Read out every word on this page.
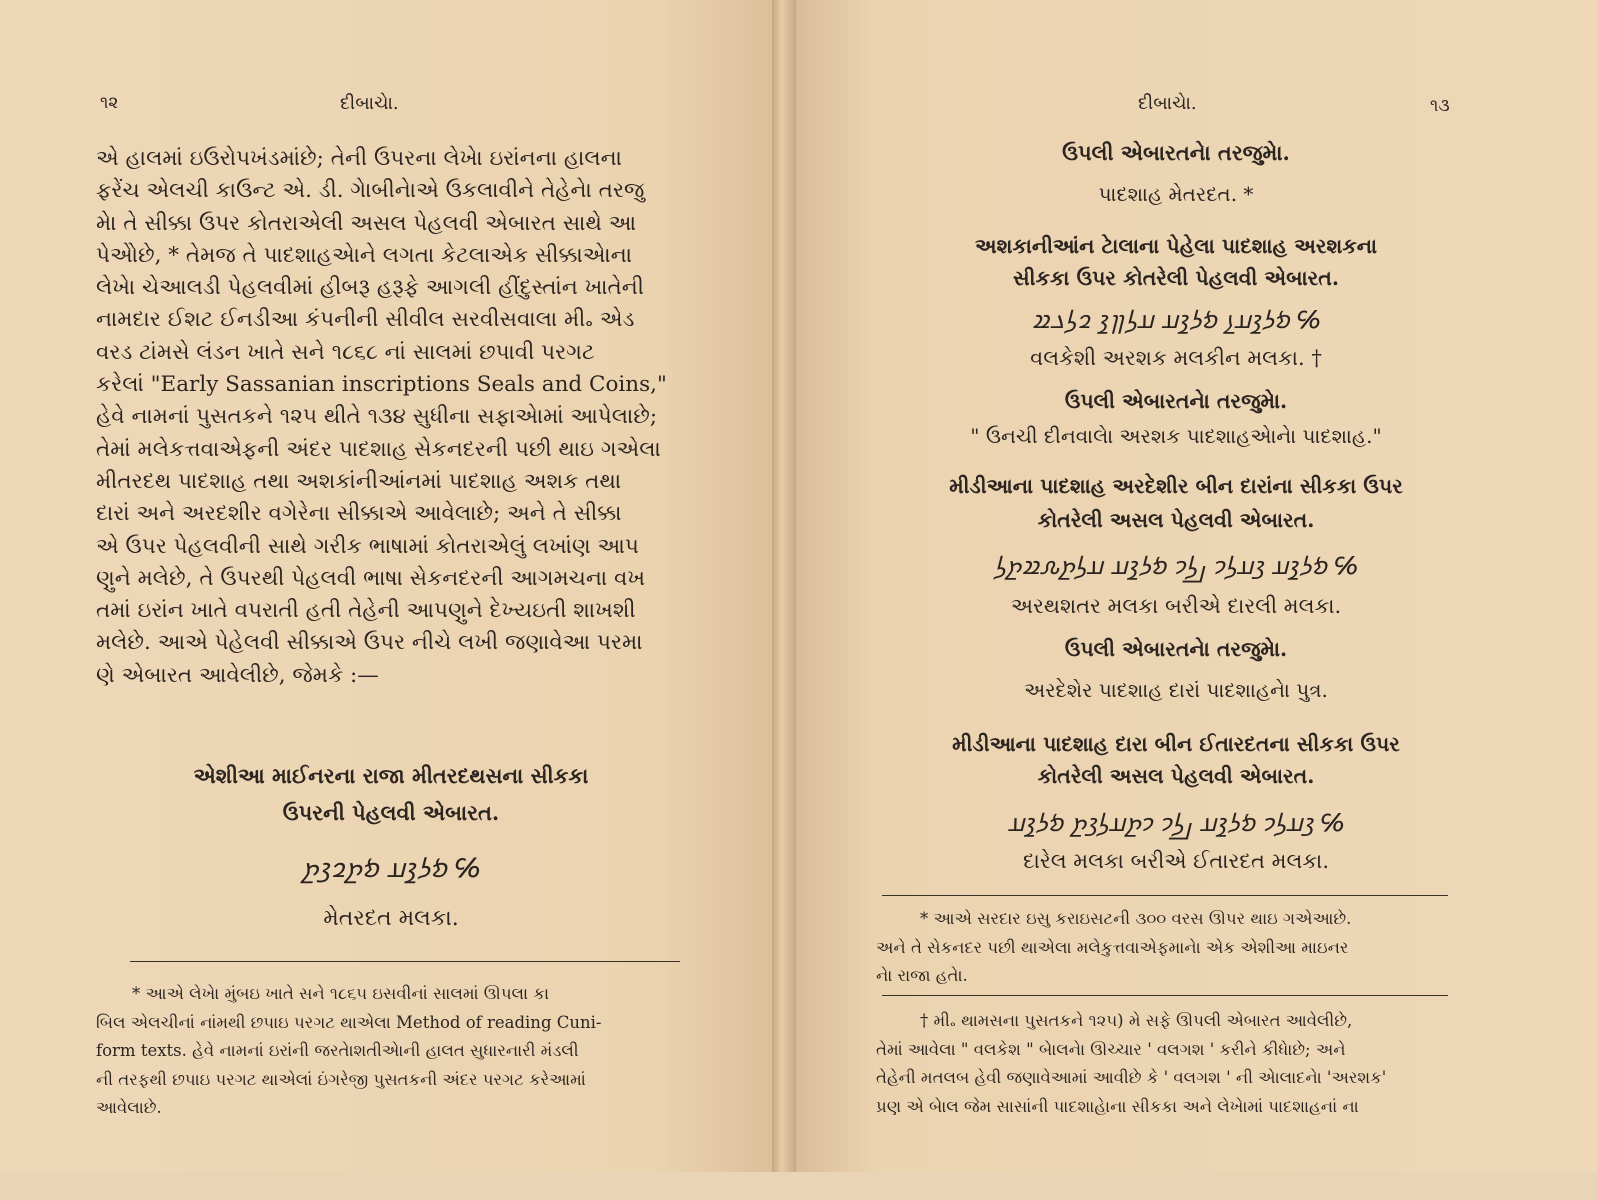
૧૨	દીબાચેા.
એ હાલમાં ઇઉરોપખંડમાંછે; તેની ઉપરના લેખેા ઇરાંનના હાલના
ફરેંચ એલચી કાઉન્ટ એ. ડી. ગેાબીનેાએ ઉકલાવીને તેહેનેા તરજુ
મેા તે સીક્કા ઉપર કોતરાએલી અસલ પેહલવી એબારત સાથે આ
પેએોછે, * તેમજ તે પાદશાહએાને લગતા કેટલાએક સીક્કાએાના
લેખેા ચેઆલડી પેહલવીમાં હીબરૂ હરૂફે આગલી હીંદુસ્તાંન ખાતેની
નામદાર ઈશટ ઈનડીઆ કંપનીની સીવીલ સરવીસવાલા મી૰ એડ
વરડ ટાંમસે લંડન ખાતે સને ૧૮૬૮ નાં સાલમાં છપાવી પરગટ
કરેલાં "Early Sassanian inscriptions Seals and Coins,"
હેવે નામનાં પુસતકને ૧૨૫ થીતે ૧૩૪ સુધીના સફાએામાં આપેલાછે;
તેમાં મલેકત્તવાએફની અંદર પાદશાહ સેકનદરની પછી થાઇ ગએલા
મીતરદથ પાદશાહ તથા અશકાંનીઆંનમાં પાદશાહ અશક તથા
દારાં અને અરદશીર વગેરેના સીક્કાએ આવેલાછે; અને તે સીક્કા
એ ઉપર પેહલવીની સાથે ગરીક ભાષામાં કોતરાએલું લખાંણ આપ
ણુને મલેછે, તે ઉપરથી પેહલવી ભાષા સેકનદરની આગમચના વખ
તમાં ઇરાંન ખાતે વપરાતી હતી તેહેની આપણુને દેખ્યઇતી શાખશી
મલેછે. આએ પેહેલવી સીક્કાએ ઉપર નીચે લખી જણાવેઆ પરમા
ણે એબારત આવેલીછે, જેમકે :—
એશીઆ માઈનરના રાજા મીતરદથસના સીકકા
ઉપરની પેહલવી એબારત.
𐭬𐭫𐭪𐭠 𐭬𐭲𐭥𐭣𐭲 ℅
મેતરદત મલકા.
* આએ લેખેા મુંબઇ ખાતે સને ૧૮૬૫ ઇસવીનાં સાલમાં ઊપલા કા
બિલ એલચીનાં નાંમથી છપાઇ પરગટ થાએલા Method of reading Cuni-
form texts. હેવે નામનાં ઇરાંની જરતેાશતીએાની હાલત સુધારનારી મંડલી
ની તરફથી છપાઇ પરગટ થાએલાં ઇંગરેજી પુસતકની અંદર પરગટ કરેઆમાં
આવેલાછે.
દીબાચેા.	૧૩
ઉપલી એબારતનેા તરજુમેા.
પાદશાહ મેતરદત. *
અશકાનીઆંન ટેાલાના પેહેલા પાદશાહ અરશકના
સીકકા ઉપર કોતરેલી પેહલવી એબારત.
𐭬𐭫𐭪𐭠𐭭 𐭬𐭫𐭪𐭠 𐭠𐭫𐭹𐭪 𐭥𐭫𐭢𐭱 ℅
વલકેશી અરશક મલકીન મલકા. †
ઉપલી એબારતનેા તરજુમેા.
" ઉનચી દીનવાલેા અરશક પાદશાહએાનેા પાદશાહ."
મીડીઆના પાદશાહ અરદેશીર બીન દારાંના સીકકા ઉપર
કોતરેલી અસલ પેહલવી એબારત.
𐭬𐭫𐭪𐭠 𐭣𐭠𐭫𐭩 𐭡𐭫𐭩 𐭬𐭫𐭪𐭠 𐭠𐭫𐭲𐭧𐭱𐭲𐭫 ℅
અરથશતર મલકા બરીએ દારલી મલકા.
ઉપલી એબારતનેા તરજુમેા.
અરદેશેર પાદશાહ દારાં પાદશાહનેા પુત્ર.
મીડીઆના પાદશાહ દારા બીન ઈતારદતના સીકકા ઉપર
કોતરેલી અસલ પેહલવી એબારત.
𐭣𐭠𐭫𐭩 𐭬𐭫𐭪𐭠 𐭡𐭫𐭩 𐭩𐭲𐭠𐭫𐭣𐭲 𐭬𐭫𐭪𐭠 ℅
દારેલ મલકા બરીએ ઈતારદત મલકા.
* આએ સરદાર ઇસુ કરાઇસટની ૩૦૦ વરસ ઊપર થાઇ ગએઆછે.
અને તે સેકનદર પછી થાએલા મલેકુત્તવાએફમાનેા એક એશીઆ માઇનર
નેા રાજા હતેા.
† મી૰ થામસના પુસતકને ૧૨૫) મે સફે ઊપલી એબારત આવેલીછે,
તેમાં આવેલા " વલકેશ " બેાલનેા ઊચ્ચાર ' વલગશ ' કરીને કીધેાછે; અને
તેહેની મતલબ હેવી જણાવેઆમાં આવીછે કે ' વલગશ ' ની એાલાદનેા 'અરશક'
પ્રણ એ બેાલ જેમ સાસાંની પાદશાહેાના સીકકા અને લેખેામાં પાદશાહનાં ના
